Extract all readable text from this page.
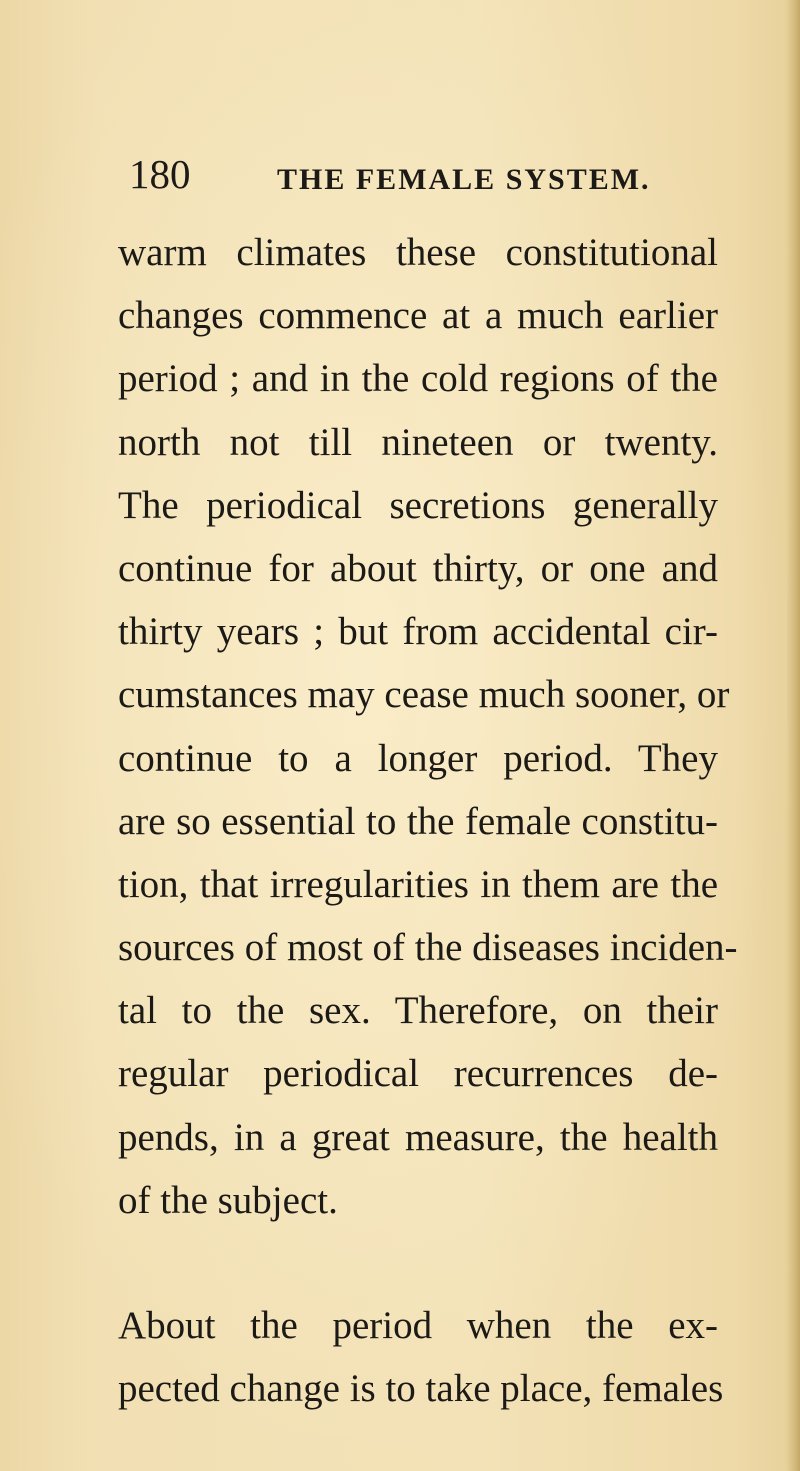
180	THE FEMALE SYSTEM.
warm climates these constitutional
changes commence at a much earlier
period ; and in the cold regions of the
north not till nineteen or twenty.
The periodical secretions generally
continue for about thirty, or one and
thirty years ; but from accidental cir-
cumstances may cease much sooner, or
continue to a longer period. They
are so essential to the female constitu-
tion, that irregularities in them are the
sources of most of the diseases inciden-
tal to the sex. Therefore, on their
regular periodical recurrences de-
pends, in a great measure, the health
of the subject.
About the period when the ex-
pected change is to take place, females
